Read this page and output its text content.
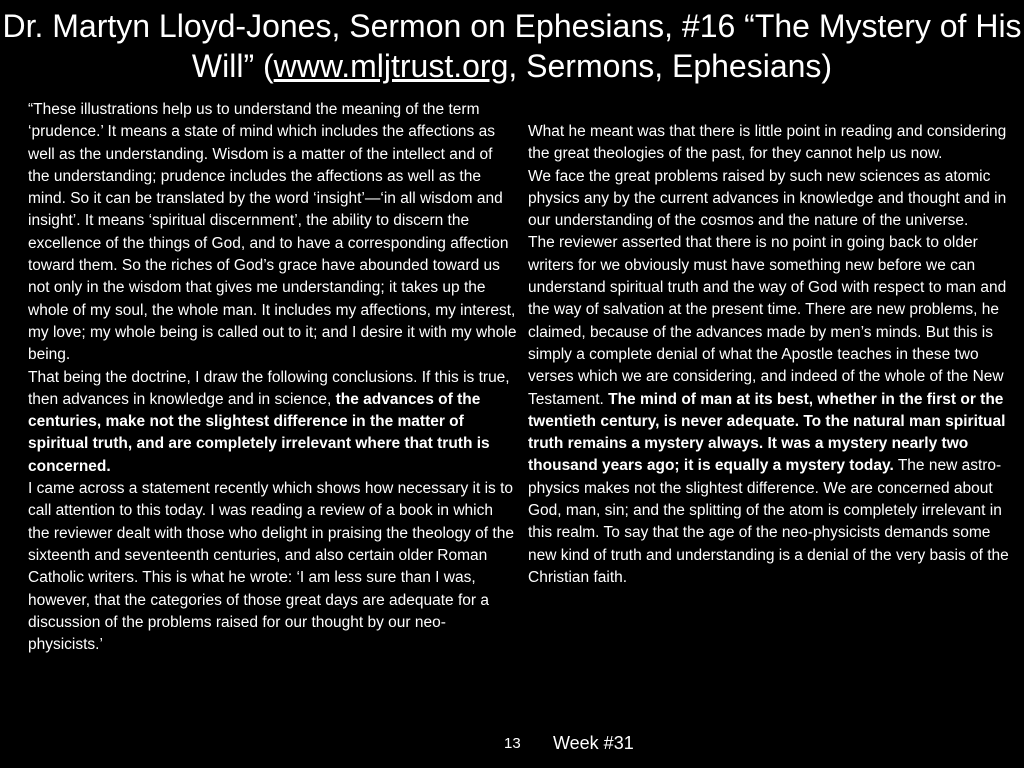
Dr. Martyn Lloyd-Jones, Sermon on Ephesians, #16 “The Mystery of His Will” (www.mljtrust.org, Sermons, Ephesians)

“These illustrations help us to understand the meaning of the term ‘prudence.’ It means a state of mind which includes the affections as well as the understanding. Wisdom is a matter of the intellect and of the understanding; prudence includes the affections as well as the mind. So it can be translated by the word ‘insight’—‘in all wisdom and insight’. It means ‘spiritual discernment’, the ability to discern the excellence of the things of God, and to have a corresponding affection toward them. So the riches of God’s grace have abounded toward us not only in the wisdom that gives me understanding; it takes up the whole of my soul, the whole man. It includes my affections, my interest, my love; my whole being is called out to it; and I desire it with my whole being.

That being the doctrine, I draw the following conclusions. If this is true, then advances in knowledge and in science, the advances of the centuries, make not the slightest difference in the matter of spiritual truth, and are completely irrelevant where that truth is concerned.

I came across a statement recently which shows how necessary it is to call attention to this today. I was reading a review of a book in which the reviewer dealt with those who delight in praising the theology of the sixteenth and seventeenth centuries, and also certain older Roman Catholic writers. This is what he wrote: ‘I am less sure than I was, however, that the categories of those great days are adequate for a discussion of the problems raised for our thought by our neo-physicists.’

What he meant was that there is little point in reading and considering the great theologies of the past, for they cannot help us now.

We face the great problems raised by such new sciences as atomic physics any by the current advances in knowledge and thought and in our understanding of the cosmos and the nature of the universe.

The reviewer asserted that there is no point in going back to older writers for we obviously must have something new before we can understand spiritual truth and the way of God with respect to man and the way of salvation at the present time. There are new problems, he claimed, because of the advances made by men’s minds. But this is simply a complete denial of what the Apostle teaches in these two verses which we are considering, and indeed of the whole of the New Testament. The mind of man at its best, whether in the first or the twentieth century, is never adequate. To the natural man spiritual truth remains a mystery always. It was a mystery nearly two thousand years ago; it is equally a mystery today. The new astro-physics makes not the slightest difference. We are concerned about God, man, sin; and the splitting of the atom is completely irrelevant in this realm. To say that the age of the neo-physicists demands some new kind of truth and understanding is a denial of the very basis of the Christian faith.

13 Week #31
